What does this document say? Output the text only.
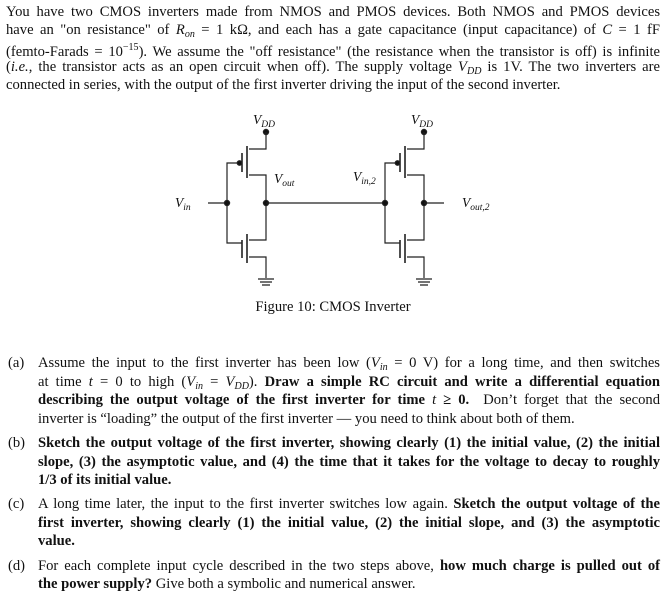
You have two CMOS inverters made from NMOS and PMOS devices. Both NMOS and PMOS devices
have an "on resistance" of $R_{on} = 1$ kΩ, and each has a gate capacitance (input capacitance) of C = 1 fF
(femto-Farads = $10^{-15}$). We assume the "off resistance" (the resistance when the transistor is off) is infinite
(i.e., the transistor acts as an open circuit when off). The supply voltage $V_{DD}$ is 1V. The two inverters are
connected in series, with the output of the first inverter driving the input of the second inverter.
$V_{DD}$	$V_{DD}$
$V_{in}$
$V_{out}$	$V_{in,2}$
$V_{out,2}$
Figure 10: CMOS Inverter
(a) Assume the input to the first inverter has been low ($V_{in} = 0$ V) for a long time, and then switches
at time t = 0 to high $(V_{in} = V_{DD})$. Draw a simple RC circuit and write a differential equation
describing the output voltage of the first inverter for time t ≥ 0.  Don’t forget that the second
inverter is “loading” the output of the first inverter — you need to think about both of them.
(b) Sketch the output voltage of the first inverter, showing clearly (1) the initial value, (2) the initial
slope, (3) the asymptotic value, and (4) the time that it takes for the voltage to decay to roughly
1/3 of its initial value.
(c) A long time later, the input to the first inverter switches low again. Sketch the output voltage of the
first inverter, showing clearly (1) the initial value, (2) the initial slope, and (3) the asymptotic
value.
(d) For each complete input cycle described in the two steps above, how much charge is pulled out of
the power supply? Give both a symbolic and numerical answer.
